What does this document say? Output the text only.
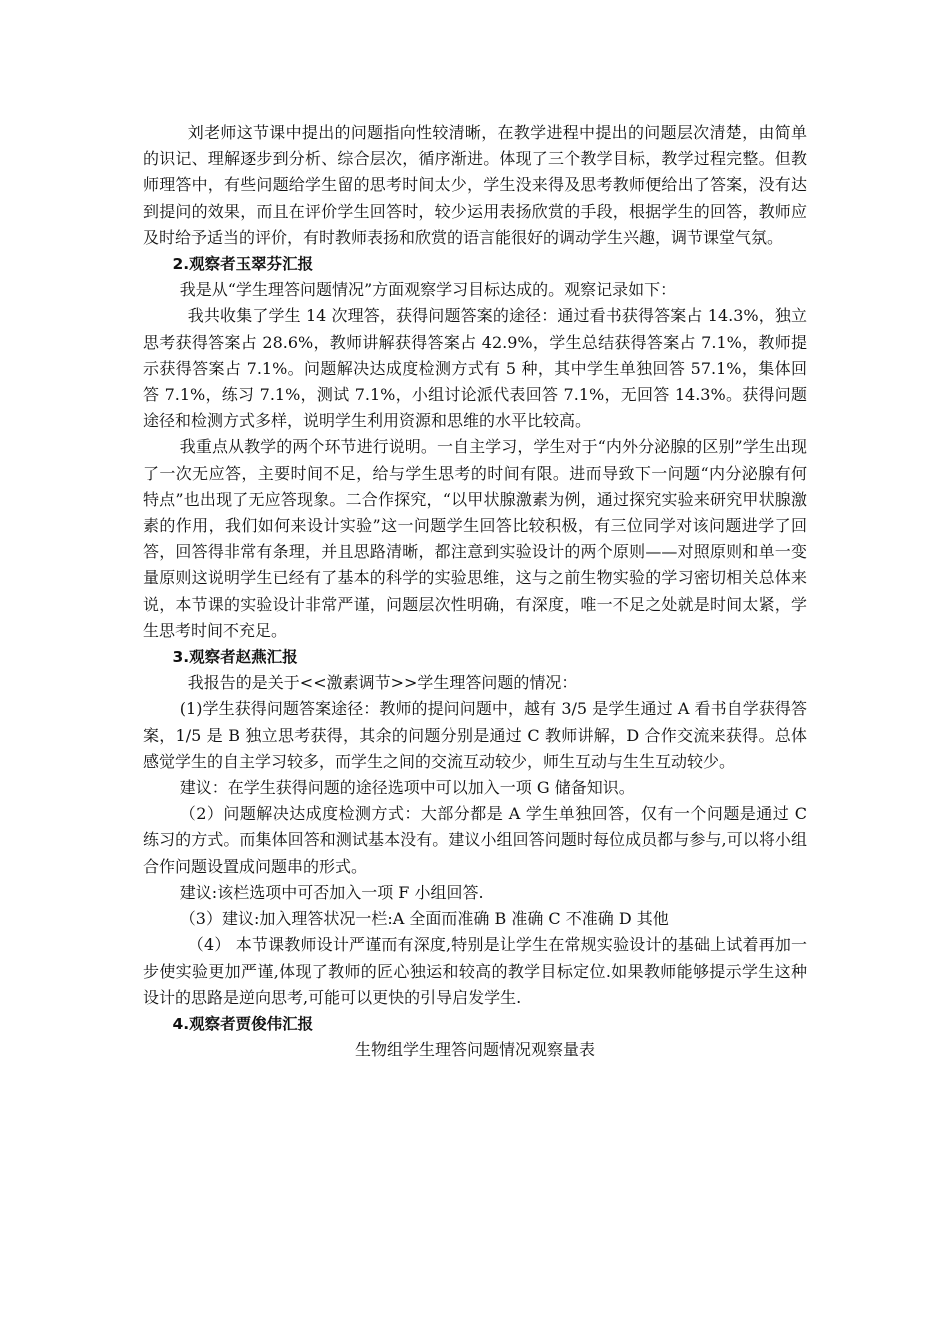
刘老师这节课中提出的问题指向性较清晰，在教学进程中提出的问题层次清楚，由简单的识记、理解逐步到分析、综合层次，循序渐进。体现了三个教学目标，教学过程完整。但教师理答中，有些问题给学生留的思考时间太少，学生没来得及思考教师便给出了答案，没有达到提问的效果，而且在评价学生回答时，较少运用表扬欣赏的手段，根据学生的回答，教师应及时给予适当的评价，有时教师表扬和欣赏的语言能很好的调动学生兴趣，调节课堂气氛。

2.观察者玉翠芬汇报

我是从“学生理答问题情况”方面观察学习目标达成的。观察记录如下：

我共收集了学生 14 次理答，获得问题答案的途径：通过看书获得答案占 14.3%，独立思考获得答案占 28.6%，教师讲解获得答案占 42.9%，学生总结获得答案占 7.1%，教师提示获得答案占 7.1%。问题解决达成度检测方式有 5 种，其中学生单独回答 57.1%，集体回答 7.1%，练习 7.1%，测试 7.1%，小组讨论派代表回答 7.1%，无回答 14.3%。获得问题途径和检测方式多样，说明学生利用资源和思维的水平比较高。

我重点从教学的两个环节进行说明。一自主学习，学生对于“内外分泌腺的区别”学生出现了一次无应答，主要时间不足，给与学生思考的时间有限。进而导致下一问题“内分泌腺有何特点”也出现了无应答现象。二合作探究，“以甲状腺激素为例，通过探究实验来研究甲状腺激素的作用，我们如何来设计实验”这一问题学生回答比较积极，有三位同学对该问题进学了回答，回答得非常有条理，并且思路清晰，都注意到实验设计的两个原则——对照原则和单一变量原则这说明学生已经有了基本的科学的实验思维，这与之前生物实验的学习密切相关总体来说，本节课的实验设计非常严谨，问题层次性明确，有深度，唯一不足之处就是时间太紧，学生思考时间不充足。

3.观察者赵燕汇报

我报告的是关于<<激素调节>>学生理答问题的情况：

(1)学生获得问题答案途径：教师的提问问题中，越有 3/5 是学生通过 A 看书自学获得答案，1/5 是 B 独立思考获得，其余的问题分别是通过 C 教师讲解，D 合作交流来获得。总体感觉学生的自主学习较多，而学生之间的交流互动较少，师生互动与生生互动较少。

建议：在学生获得问题的途径选项中可以加入一项 G 储备知识。

（2）问题解决达成度检测方式：大部分都是 A 学生单独回答，仅有一个问题是通过 C 练习的方式。而集体回答和测试基本没有。建议小组回答问题时每位成员都与参与,可以将小组合作问题设置成问题串的形式。

建议:该栏选项中可否加入一项 F 小组回答.

（3）建议:加入理答状况一栏:A 全面而准确 B 准确 C 不准确 D 其他

（4） 本节课教师设计严谨而有深度,特别是让学生在常规实验设计的基础上试着再加一步使实验更加严谨,体现了教师的匠心独运和较高的教学目标定位.如果教师能够提示学生这种设计的思路是逆向思考,可能可以更快的引导启发学生.

4.观察者贾俊伟汇报

生物组学生理答问题情况观察量表
